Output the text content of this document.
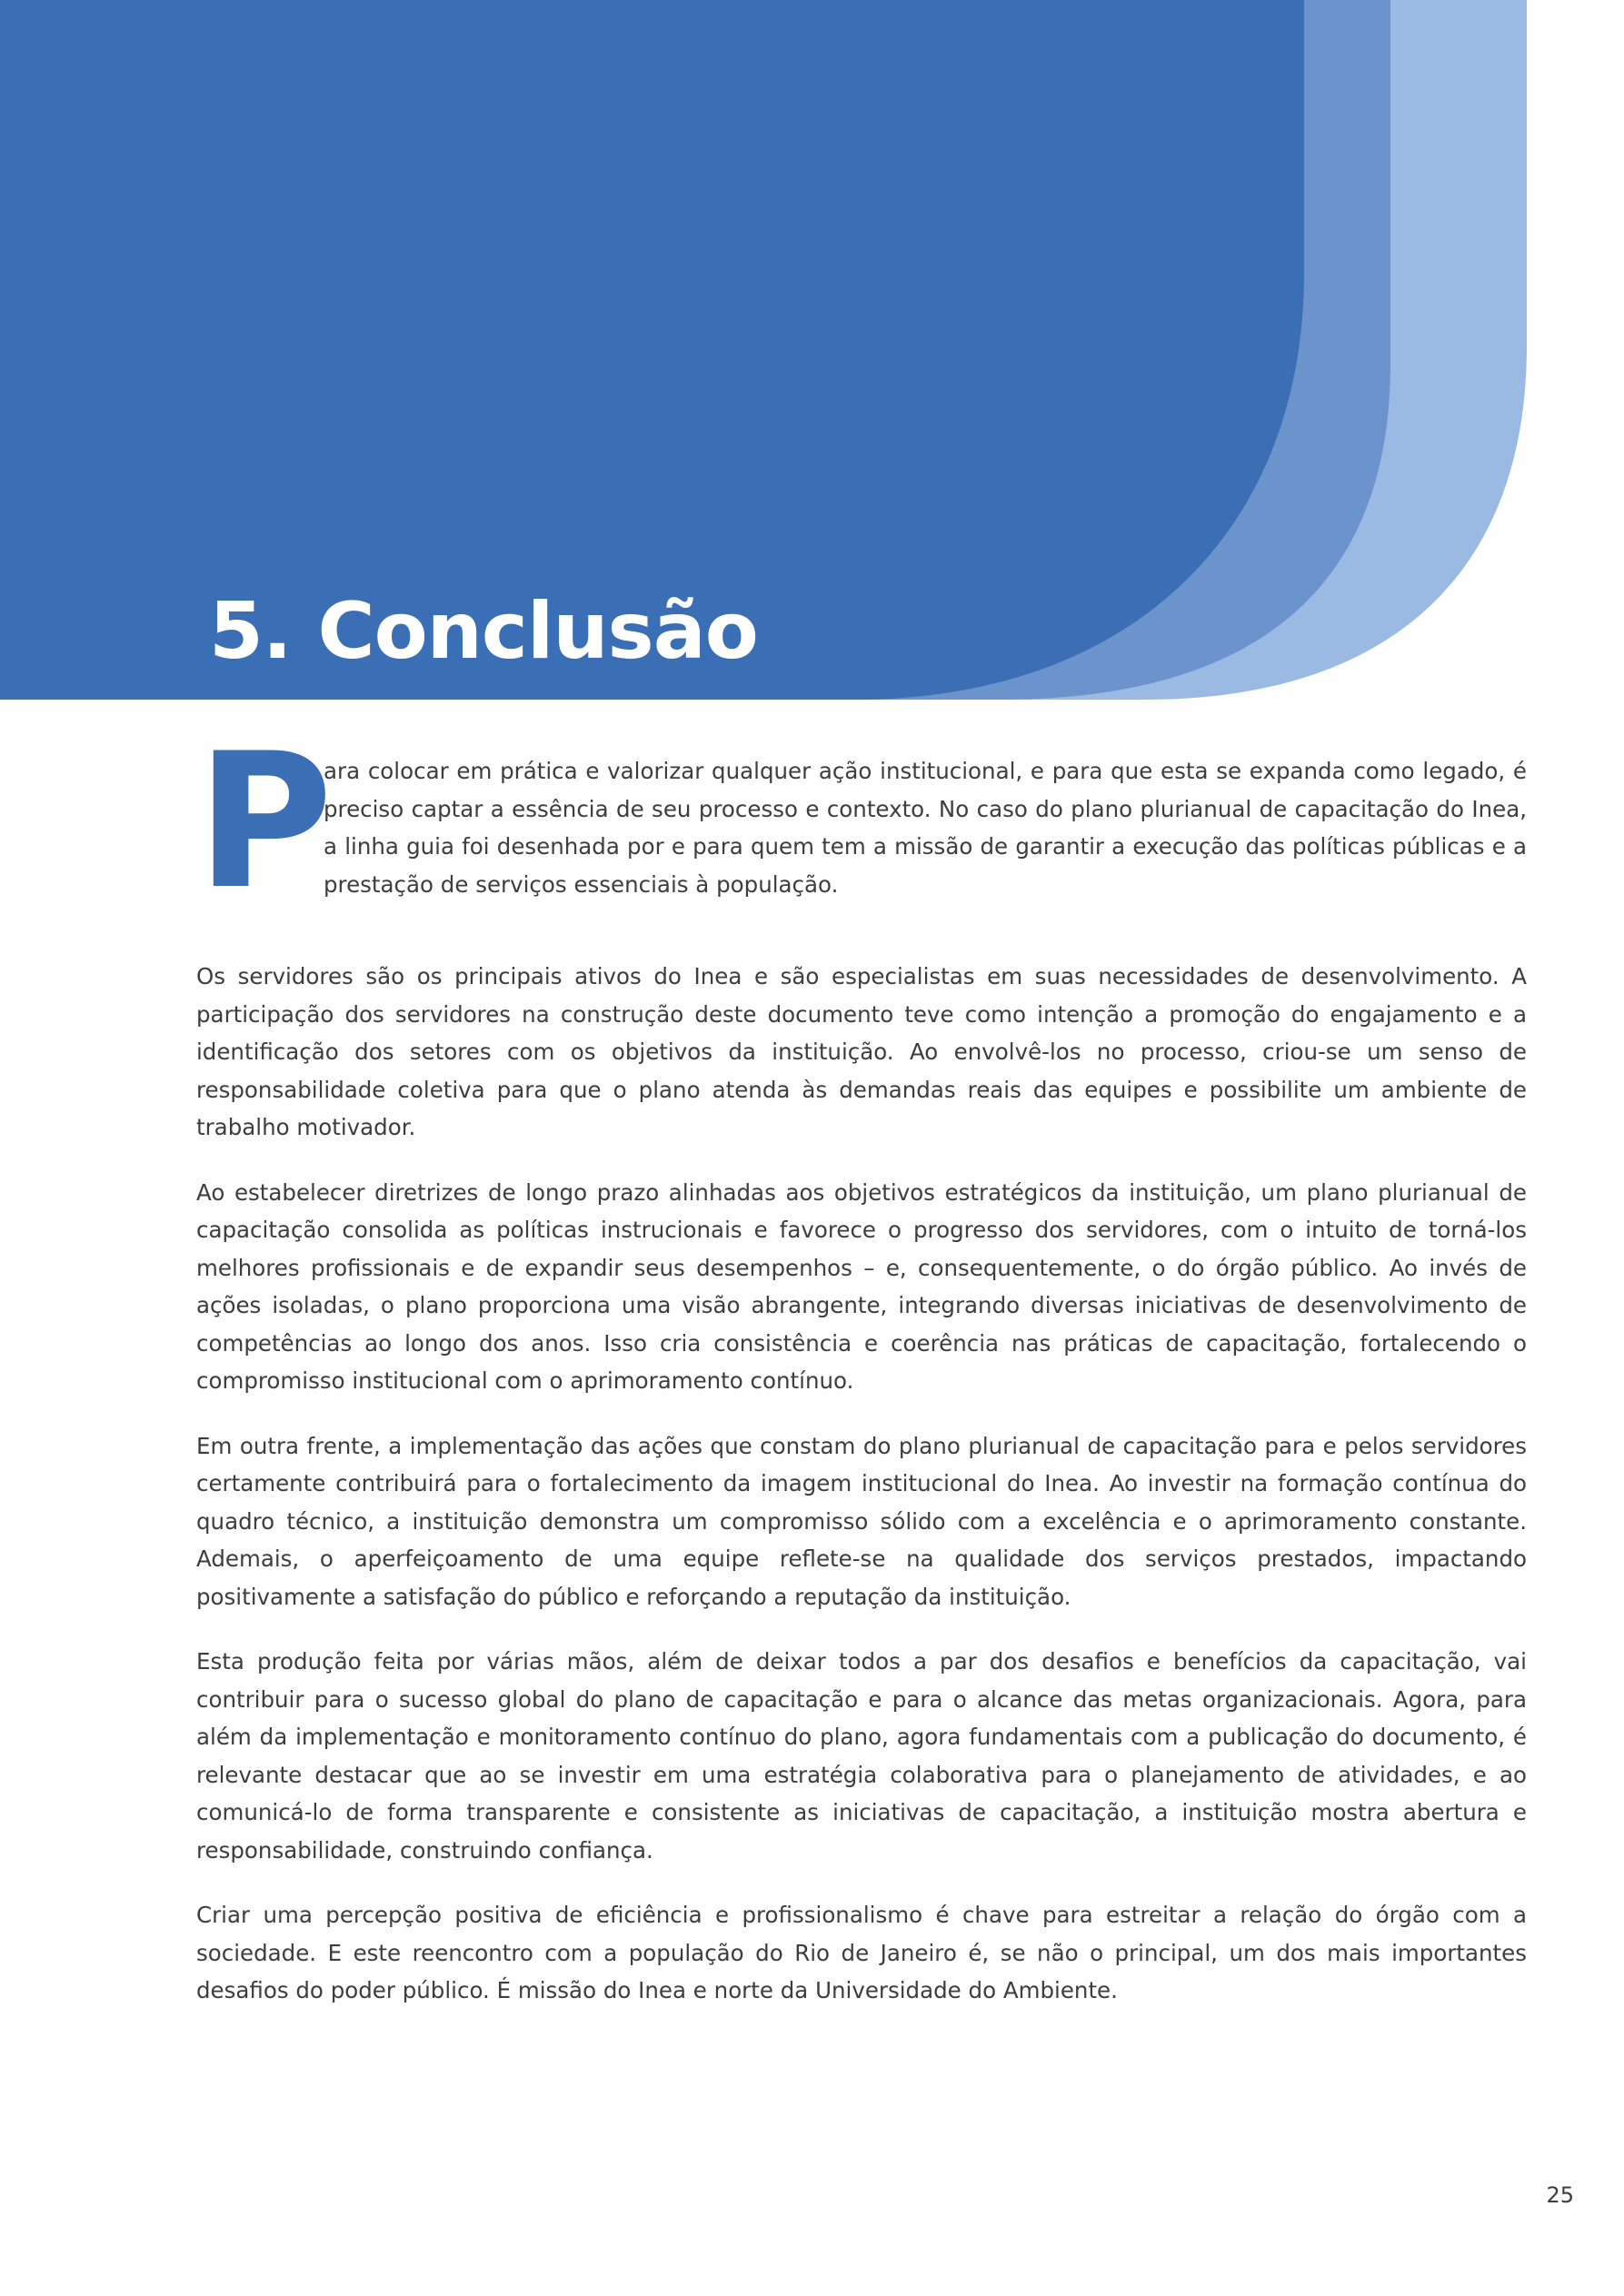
5. Conclusão
P

ara colocar em prática e valorizar qualquer ação institucional, e para que esta se expanda como legado, é preciso captar a essência de seu processo e contexto. No caso do plano plurianual de capacitação do Inea, a linha guia foi desenhada por e para quem tem a missão de garantir a execução das políticas públicas e a prestação de serviços essenciais à população.

Os servidores são os principais ativos do Inea e são especialistas em suas necessidades de desenvolvimento. A participação dos servidores na construção deste documento teve como intenção a promoção do engajamento e a identificação dos setores com os objetivos da instituição. Ao envolvê-los no processo, criou-se um senso de responsabilidade coletiva para que o plano atenda às demandas reais das equipes e possibilite um ambiente de trabalho motivador.

Ao estabelecer diretrizes de longo prazo alinhadas aos objetivos estratégicos da instituição, um plano plurianual de capacitação consolida as políticas instrucionais e favorece o progresso dos servidores, com o intuito de torná-los melhores profissionais e de expandir seus desempenhos – e, consequentemente, o do órgão público. Ao invés de ações isoladas, o plano proporciona uma visão abrangente, integrando diversas iniciativas de desenvolvimento de competências ao longo dos anos. Isso cria consistência e coerência nas práticas de capacitação, fortalecendo o compromisso institucional com o aprimoramento contínuo.

Em outra frente, a implementação das ações que constam do plano plurianual de capacitação para e pelos servidores certamente contribuirá para o fortalecimento da imagem institucional do Inea. Ao investir na formação contínua do quadro técnico, a instituição demonstra um compromisso sólido com a excelência e o aprimoramento constante. Ademais, o aperfeiçoamento de uma equipe reflete-se na qualidade dos serviços prestados, impactando positivamente a satisfação do público e reforçando a reputação da instituição.

Esta produção feita por várias mãos, além de deixar todos a par dos desafios e benefícios da capacitação, vai contribuir para o sucesso global do plano de capacitação e para o alcance das metas organizacionais. Agora, para além da implementação e monitoramento contínuo do plano, agora fundamentais com a publicação do documento, é relevante destacar que ao se investir em uma estratégia colaborativa para o planejamento de atividades, e ao comunicá-lo de forma transparente e consistente as iniciativas de capacitação, a instituição mostra abertura e responsabilidade, construindo confiança.

Criar uma percepção positiva de eficiência e profissionalismo é chave para estreitar a relação do órgão com a sociedade. E este reencontro com a população do Rio de Janeiro é, se não o principal, um dos mais importantes desafios do poder público. É missão do Inea e norte da Universidade do Ambiente.

25
